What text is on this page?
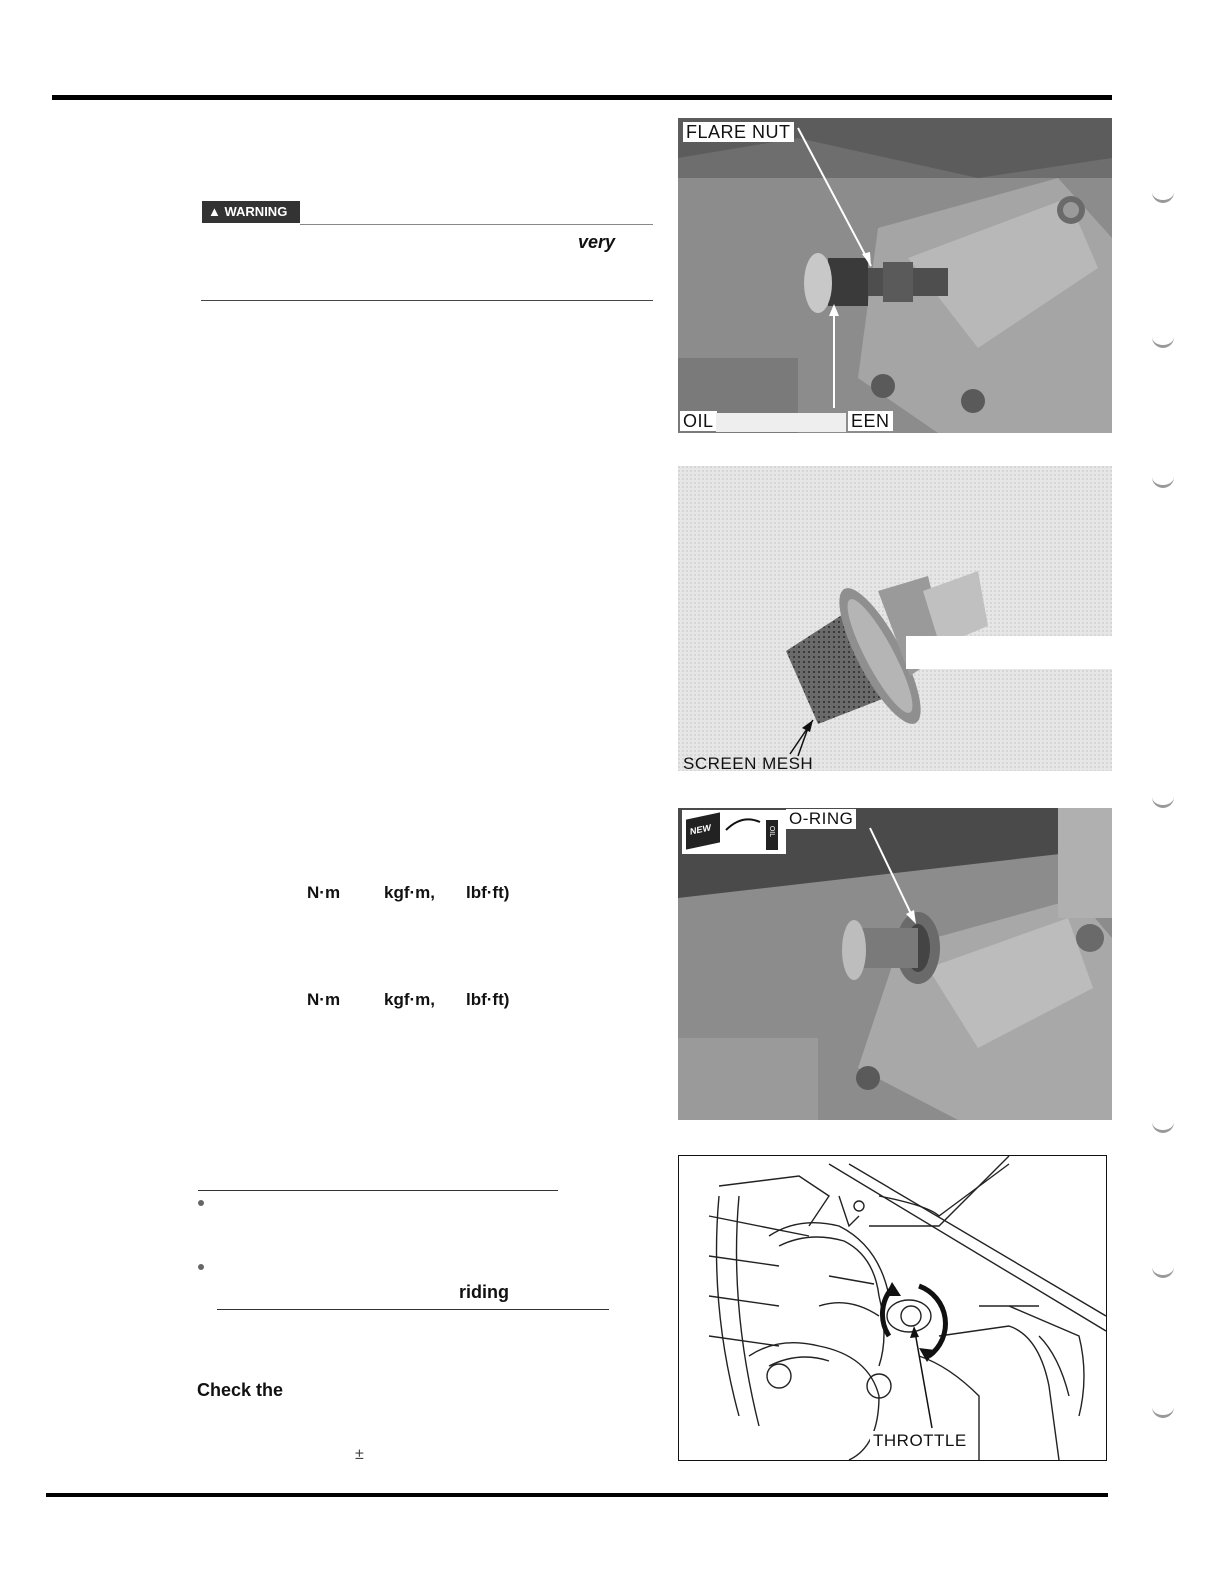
▲ WARNING
very
N·m	kgf·m, lbf·ft)
N·m	kgf·m, lbf·ft)
riding
Check the
±
FLARE NUT
OIL	EEN
SCREEN MESH
NEW	OIL
O-RING
THROTTLE
